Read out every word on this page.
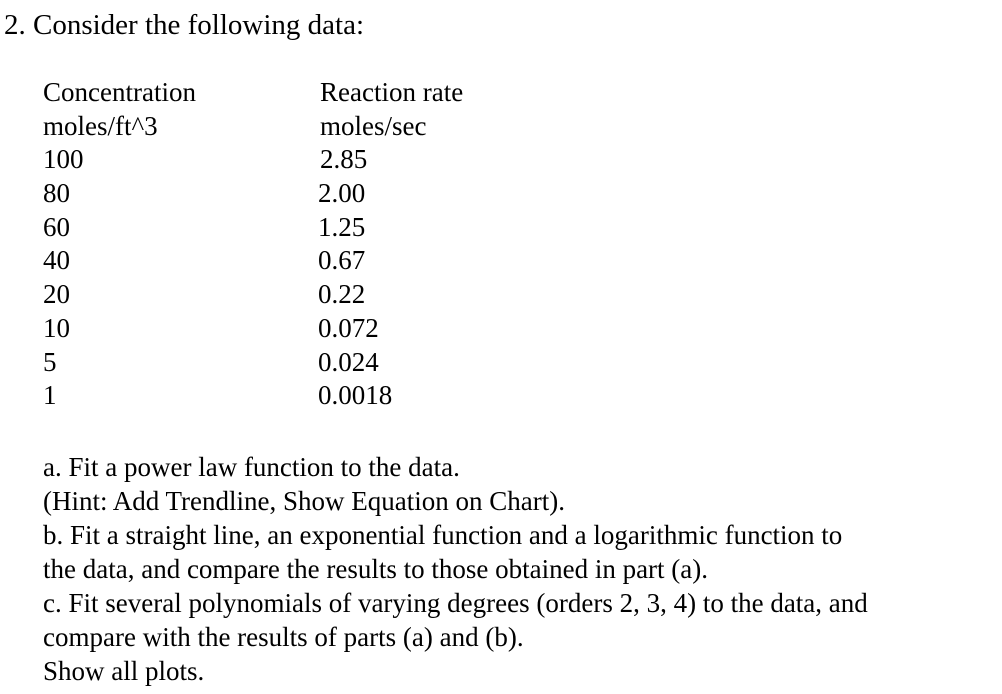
2. Consider the following data:
Concentration
moles/ft^3
100
80
60
40
20
10
5
1
Reaction rate
moles/sec
2.85
2.00
1.25
0.67
0.22
0.072
0.024
0.0018
a. Fit a power law function to the data.
(Hint: Add Trendline, Show Equation on Chart).
b. Fit a straight line, an exponential function and a logarithmic function to
the data, and compare the results to those obtained in part (a).
c. Fit several polynomials of varying degrees (orders 2, 3, 4) to the data, and
compare with the results of parts (a) and (b).
Show all plots.
